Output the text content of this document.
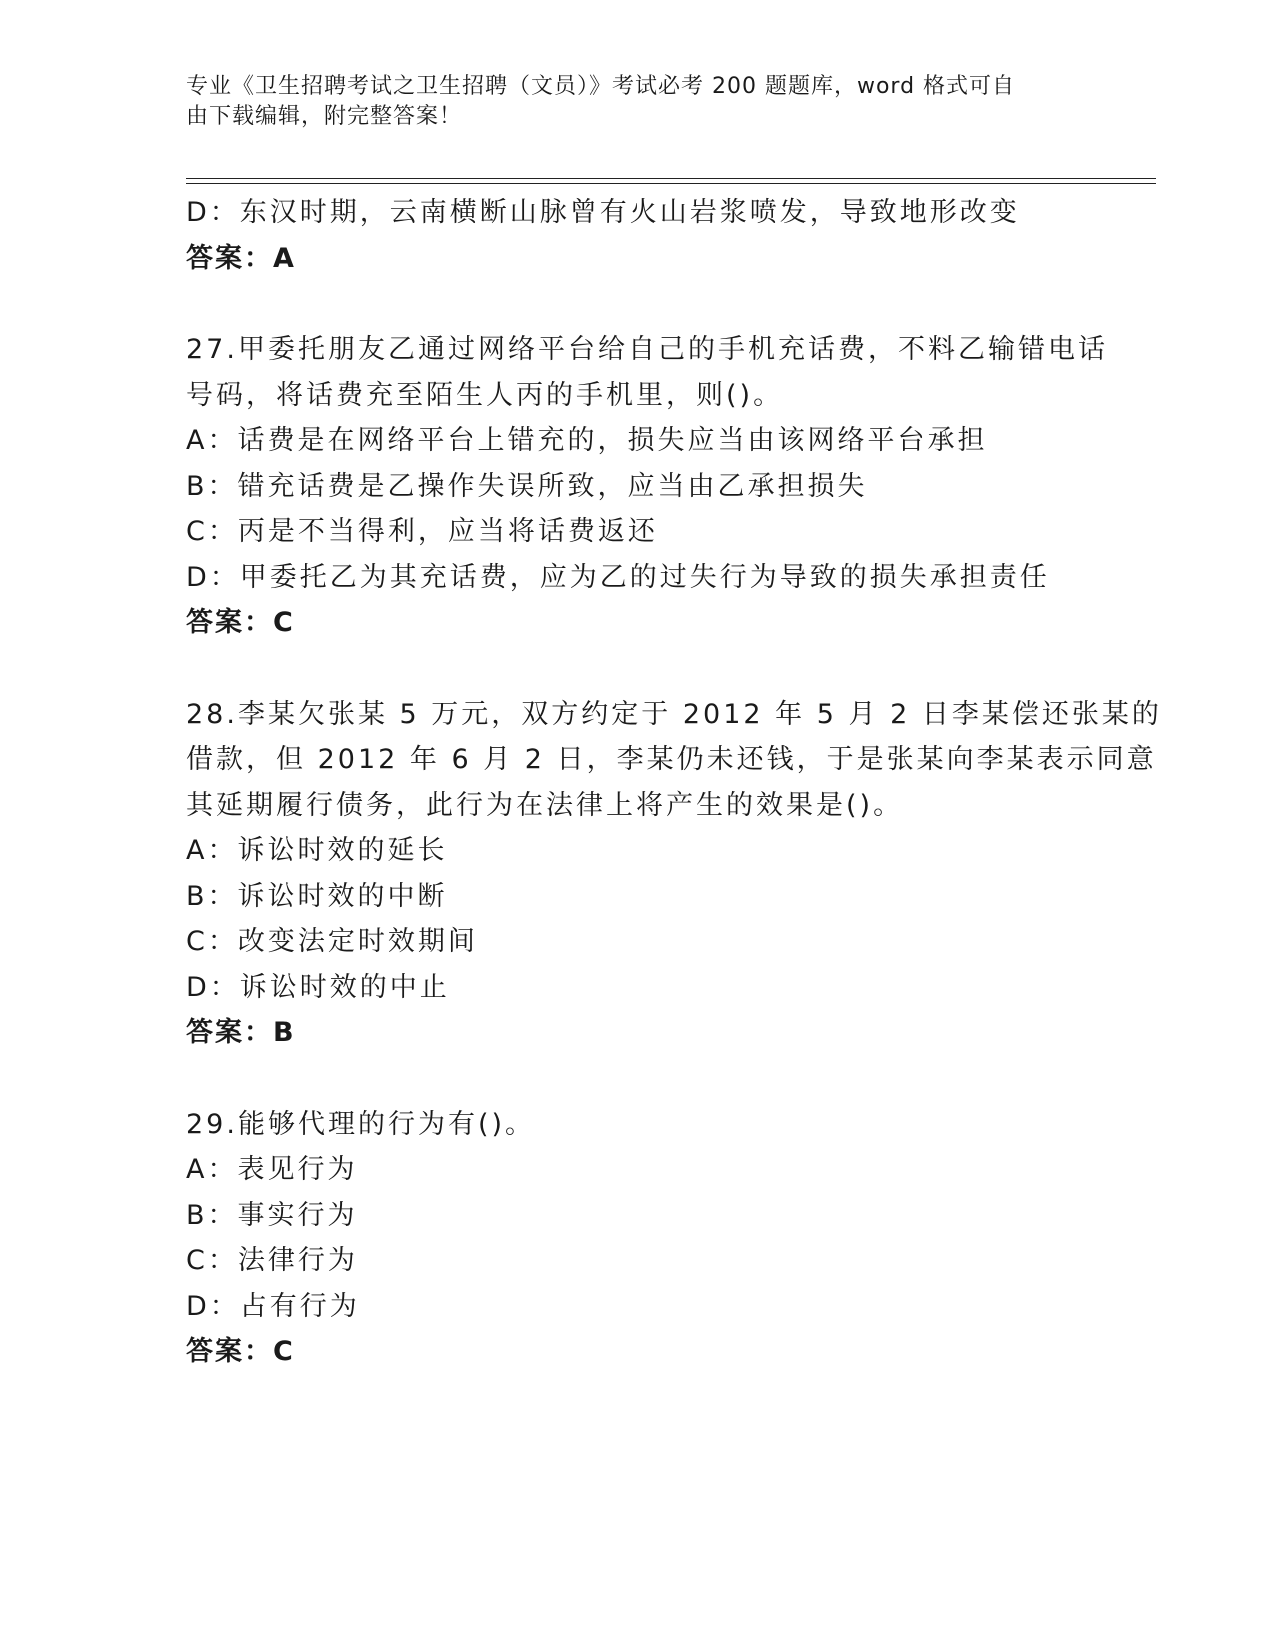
专业《卫生招聘考试之卫生招聘（文员）》考试必考 200 题题库，word 格式可自
由下载编辑，附完整答案！
D：东汉时期，云南横断山脉曾有火山岩浆喷发，导致地形改变
答案：A
27.甲委托朋友乙通过网络平台给自己的手机充话费，不料乙输错电话
号码，将话费充至陌生人丙的手机里，则()。
A：话费是在网络平台上错充的，损失应当由该网络平台承担
B：错充话费是乙操作失误所致，应当由乙承担损失
C：丙是不当得利，应当将话费返还
D：甲委托乙为其充话费，应为乙的过失行为导致的损失承担责任
答案：C
28.李某欠张某 5 万元，双方约定于 2012 年 5 月 2 日李某偿还张某的
借款，但 2012 年 6 月 2 日，李某仍未还钱，于是张某向李某表示同意
其延期履行债务，此行为在法律上将产生的效果是()。
A：诉讼时效的延长
B：诉讼时效的中断
C：改变法定时效期间
D：诉讼时效的中止
答案：B
29.能够代理的行为有()。
A：表见行为
B：事实行为
C：法律行为
D：占有行为
答案：C
